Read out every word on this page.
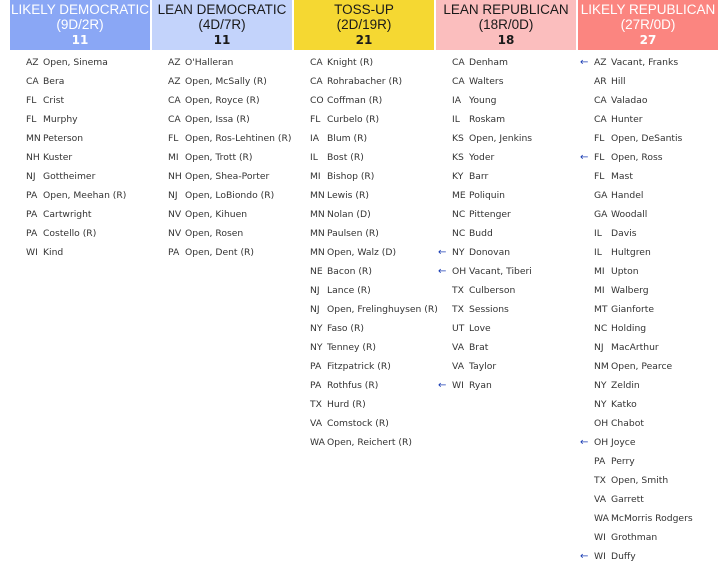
LIKELY DEMOCRATIC
(9D/2R)
11
AZ Open, Sinema
CA Bera
FL Crist
FL Murphy
MN Peterson
NH Kuster
NJ Gottheimer
PA Open, Meehan (R)
PA Cartwright
PA Costello (R)
WI Kind
LEAN DEMOCRATIC
(4D/7R)
11
AZ O'Halleran
AZ Open, McSally (R)
CA Open, Royce (R)
CA Open, Issa (R)
FL Open, Ros-Lehtinen (R)
MI Open, Trott (R)
NH Open, Shea-Porter
NJ Open, LoBiondo (R)
NV Open, Kihuen
NV Open, Rosen
PA Open, Dent (R)
TOSS-UP
(2D/19R)
21
CA Knight (R)
CA Rohrabacher (R)
CO Coffman (R)
FL Curbelo (R)
IA Blum (R)
IL Bost (R)
MI Bishop (R)
MN Lewis (R)
MN Nolan (D)
MN Paulsen (R)
MN Open, Walz (D)
NE Bacon (R)
NJ Lance (R)
NJ Open, Frelinghuysen (R)
NY Faso (R)
NY Tenney (R)
PA Fitzpatrick (R)
PA Rothfus (R)
TX Hurd (R)
VA Comstock (R)
WA Open, Reichert (R)
LEAN REPUBLICAN
(18R/0D)
18
CA Denham
CA Walters
IA Young
IL Roskam
KS Open, Jenkins
KS Yoder
KY Barr
ME Poliquin
NC Pittenger
NC Budd
← NY Donovan
← OH Vacant, Tiberi
TX Culberson
TX Sessions
UT Love
VA Brat
VA Taylor
← WI Ryan
LIKELY REPUBLICAN
(27R/0D)
27
← AZ Vacant, Franks
AR Hill
CA Valadao
CA Hunter
FL Open, DeSantis
← FL Open, Ross
FL Mast
GA Handel
GA Woodall
IL Davis
IL Hultgren
MI Upton
MI Walberg
MT Gianforte
NC Holding
NJ MacArthur
NM Open, Pearce
NY Zeldin
NY Katko
OH Chabot
← OH Joyce
PA Perry
TX Open, Smith
VA Garrett
WA McMorris Rodgers
WI Grothman
← WI Duffy
